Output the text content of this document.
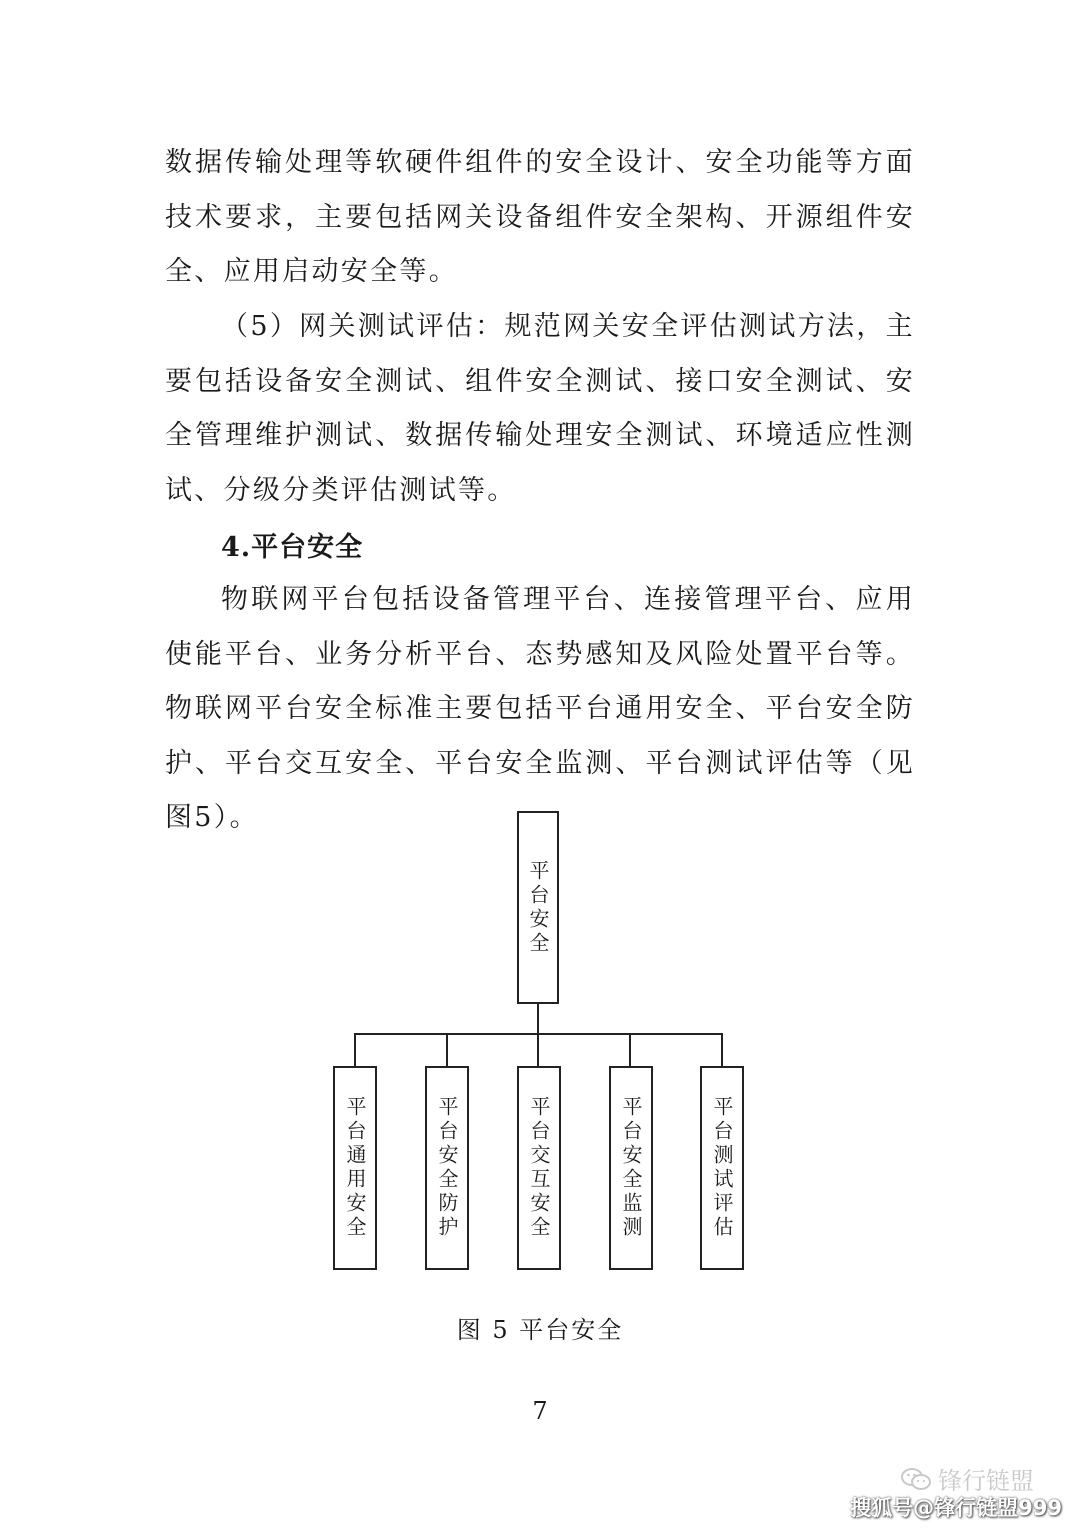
数据传输处理等软硬件组件的安全设计、安全功能等方面技术要求，主要包括网关设备组件安全架构、开源组件安全、应用启动安全等。

（5）网关测试评估：规范网关安全评估测试方法，主要包括设备安全测试、组件安全测试、接口安全测试、安全管理维护测试、数据传输处理安全测试、环境适应性测试、分级分类评估测试等。

4.平台安全

物联网平台包括设备管理平台、连接管理平台、应用使能平台、业务分析平台、态势感知及风险处置平台等。物联网平台安全标准主要包括平台通用安全、平台安全防护、平台交互安全、平台安全监测、平台测试评估等（见图5）。

平台安全
平台通用安全	平台安全防护	平台交互安全	平台安全监测	平台测试评估
图 5 平台安全
7
锋行链盟
搜狐号@锋行链盟999
